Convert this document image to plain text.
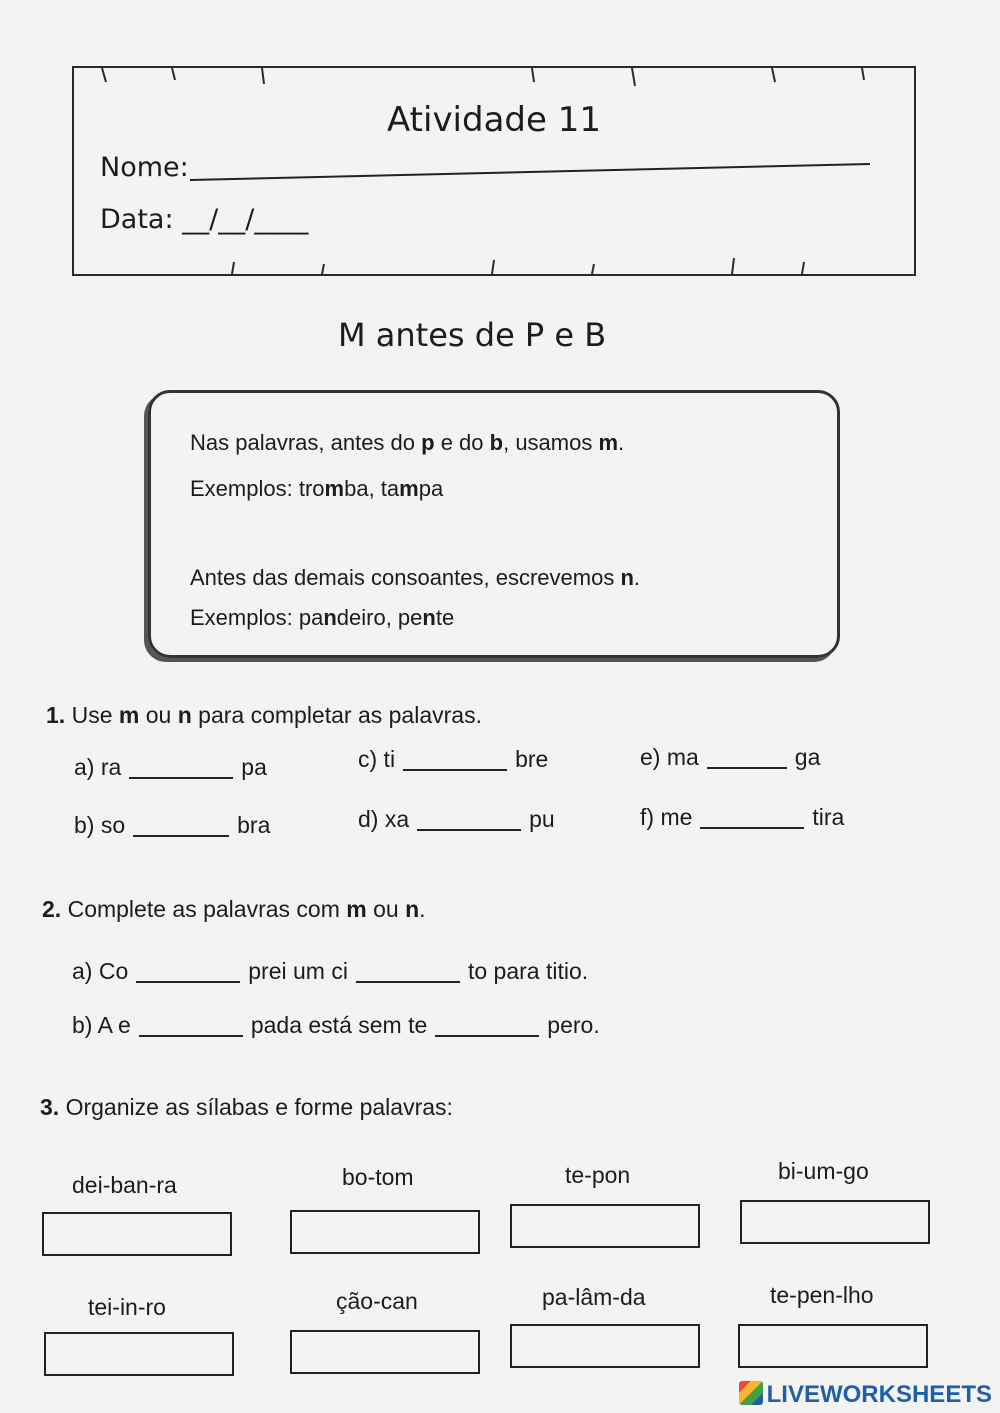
Atividade 11
Nome:
Data: __/__/____
M antes de P e B
Nas palavras, antes do p e do b, usamos m.
Exemplos: tromba, tampa
Antes das demais consoantes, escrevemos n.
Exemplos: pandeiro, pente
1. Use m ou n para completar as palavras.
a) ra	pa	c) ti	bre	e) ma	ga
b) so	bra	d) xa	pu	f) me	tira
2. Complete as palavras com m ou n.
a) Co	prei um ci	to para titio.
b) A e	pada está sem te	pero.
3. Organize as sílabas e forme palavras:
dei-ban-ra	bo-tom	te-pon	bi-um-go
tei-in-ro	ção-can	pa-lâm-da	te-pen-lho
LIVEWORKSHEETS
